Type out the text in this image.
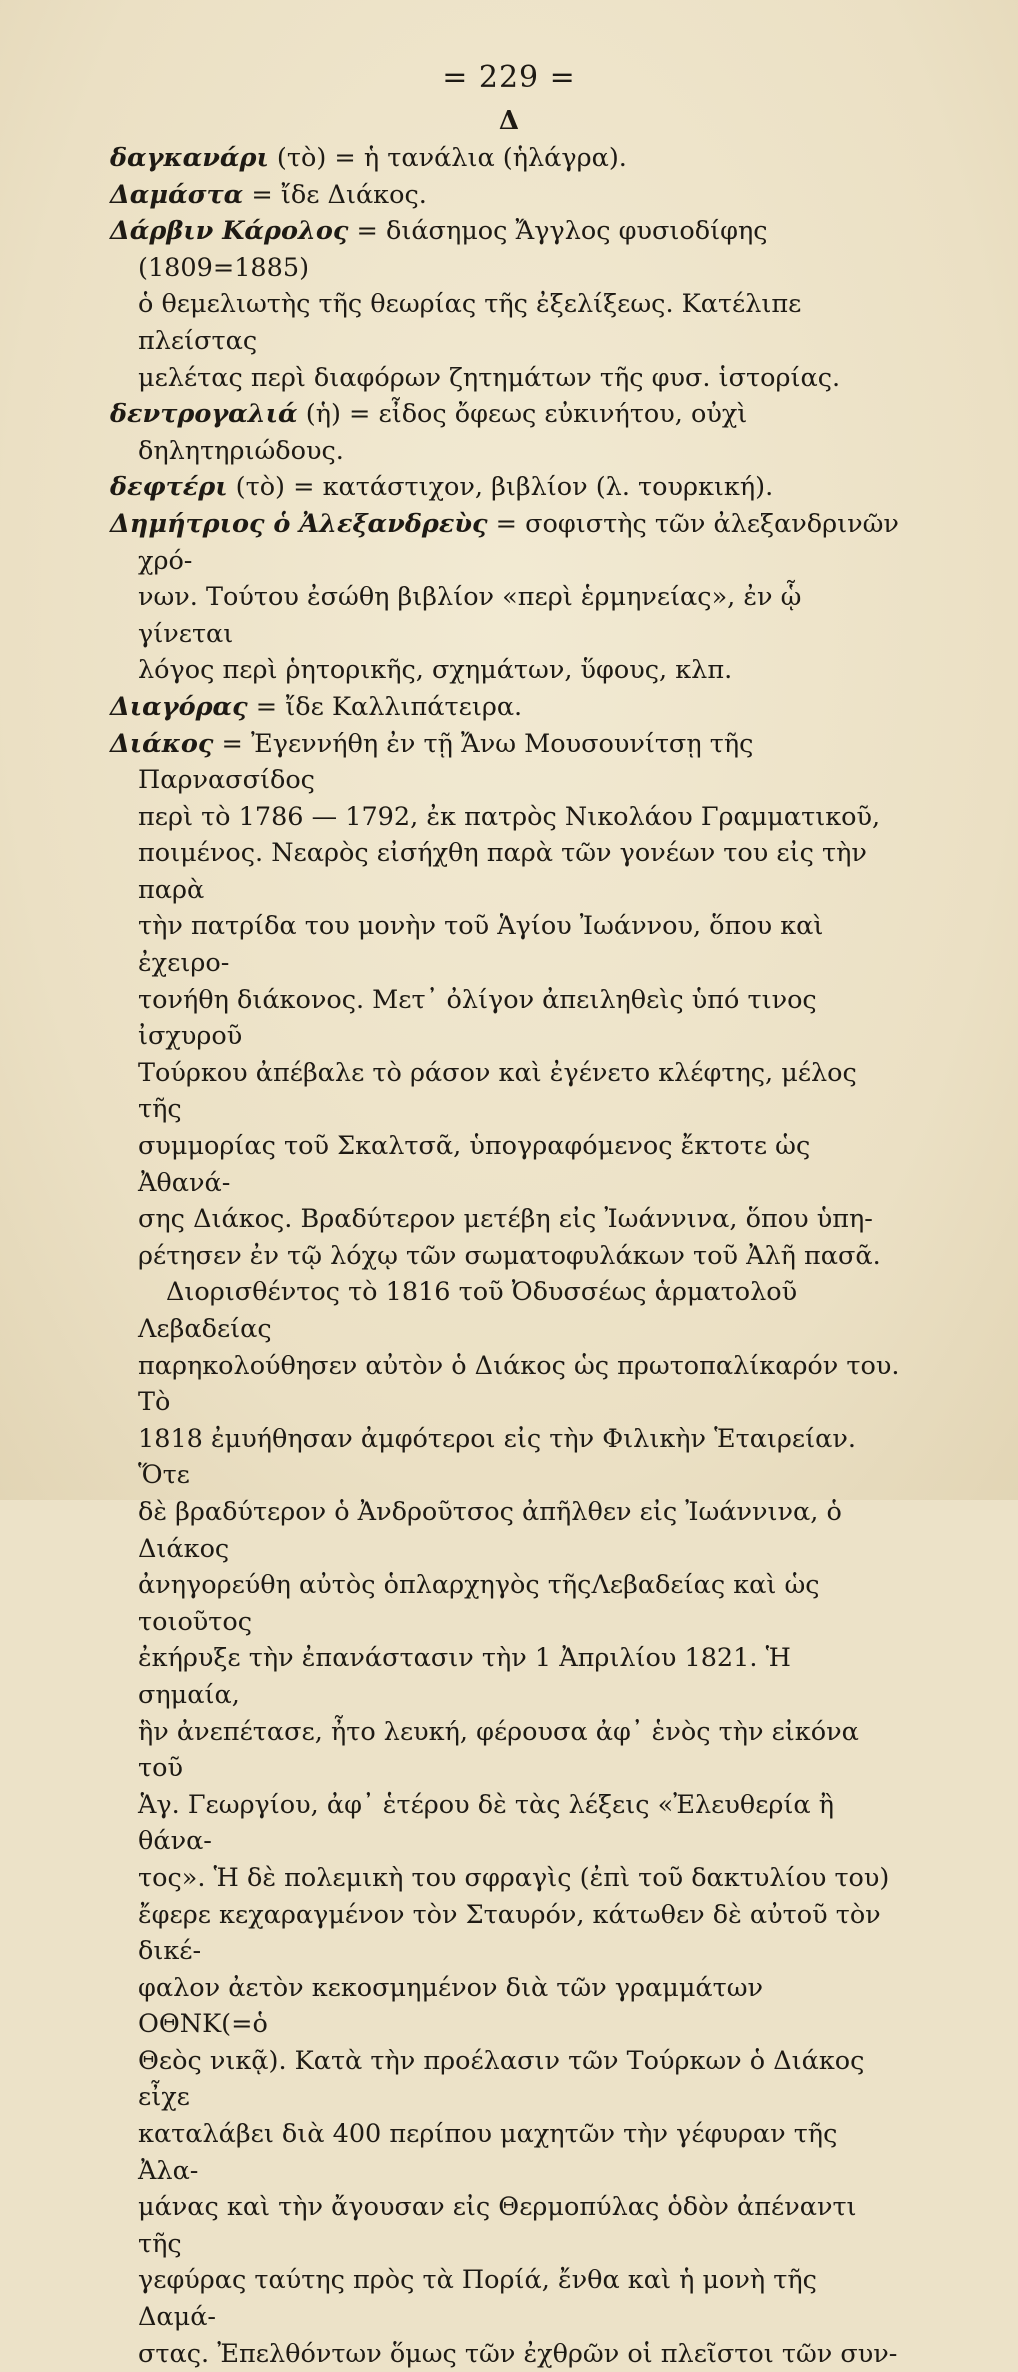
= 229 =
Δ

δαγκανάρι (τὸ) = ἡ τανάλια (ἡλάγρα).

Δαμάστα = ἴδε Διάκος.

Δάρβιν Κάρολος = διάσημος Ἄγγλος φυσιοδίφης (1809=1885)
ὁ θεμελιωτὴς τῆς θεωρίας τῆς ἐξελίξεως. Κατέλιπε πλείστας
μελέτας περὶ διαφόρων ζητημάτων τῆς φυσ. ἱστορίας.

δεντρογαλιά (ἡ) = εἶδος ὄφεως εὐκινήτου, οὐχὶ δηλητηριώδους.

δεφτέρι (τὸ) = κατάστιχον, βιβλίον (λ. τουρκική).

Δημήτριος ὁ Ἀλεξανδρεὺς = σοφιστὴς τῶν ἀλεξανδρινῶν χρό-
νων. Τούτου ἐσώθη βιβλίον «περὶ ἑρμηνείας», ἐν ᾧ γίνεται
λόγος περὶ ῥητορικῆς, σχημάτων, ὕφους, κλπ.

Διαγόρας = ἴδε Καλλιπάτειρα.

Διάκος = Ἐγεννήθη ἐν τῇ Ἄνω Μουσουνίτσῃ τῆς Παρνασσίδος
περὶ τὸ 1786 — 1792, ἐκ πατρὸς Νικολάου Γραμματικοῦ,
ποιμένος. Νεαρὸς εἰσήχθη παρὰ τῶν γονέων του εἰς τὴν παρὰ
τὴν πατρίδα του μονὴν τοῦ Ἁγίου Ἰωάννου, ὅπου καὶ ἐχειρο-
τονήθη διάκονος. Μετ᾽ ὀλίγον ἀπειληθεὶς ὑπό τινος ἰσχυροῦ
Τούρκου ἀπέβαλε τὸ ράσον καὶ ἐγένετο κλέφτης, μέλος τῆς
συμμορίας τοῦ Σκαλτσᾶ, ὑπογραφόμενος ἔκτοτε ὡς Ἀθανά-
σης Διάκος. Βραδύτερον μετέβη εἰς Ἰωάννινα, ὅπου ὑπη-
ρέτησεν ἐν τῷ λόχῳ τῶν σωματοφυλάκων τοῦ Ἀλῆ πασᾶ.

Διορισθέντος τὸ 1816 τοῦ Ὀδυσσέως ἁρματολοῦ Λεβαδείας
παρηκολούθησεν αὐτὸν ὁ Διάκος ὡς πρωτοπαλίκαρόν του. Τὸ
1818 ἐμυήθησαν ἀμφότεροι εἰς τὴν Φιλικὴν Ἑταιρείαν. Ὅτε
δὲ βραδύτερον ὁ Ἀνδροῦτσος ἀπῆλθεν εἰς Ἰωάννινα, ὁ Διάκος
ἀνηγορεύθη αὐτὸς ὁπλαρχηγὸς τῆςΛεβαδείας καὶ ὡς τοιοῦτος
ἐκήρυξε τὴν ἐπανάστασιν τὴν 1 Ἀπριλίου 1821. Ἡ σημαία,
ἣν ἀνεπέτασε, ἦτο λευκή, φέρουσα ἀφ᾽ ἑνὸς τὴν εἰκόνα τοῦ
Ἁγ. Γεωργίου, ἀφ᾽ ἑτέρου δὲ τὰς λέξεις «Ἐλευθερία ἢ θάνα-
τος». Ἡ δὲ πολεμικὴ του σφραγὶς (ἐπὶ τοῦ δακτυλίου του)
ἔφερε κεχαραγμένον τὸν Σταυρόν, κάτωθεν δὲ αὐτοῦ τὸν δικέ-
φαλον ἀετὸν κεκοσμημένον διὰ τῶν γραμμάτων ΟΘΝΚ(=ὁ
Θεὸς νικᾷ). Κατὰ τὴν προέλασιν τῶν Τούρκων ὁ Διάκος εἶχε
καταλάβει διὰ 400 περίπου μαχητῶν τὴν γέφυραν τῆς Ἀλα-
μάνας καὶ τὴν ἄγουσαν εἰς Θερμοπύλας ὁδὸν ἀπέναντι τῆς
γεφύρας ταύτης πρὸς τὰ Πορίά, ἔνθα καὶ ἡ μονὴ τῆς Δαμά-
στας. Ἐπελθόντων ὅμως τῶν ἐχθρῶν οἱ πλεῖστοι τῶν συν-
